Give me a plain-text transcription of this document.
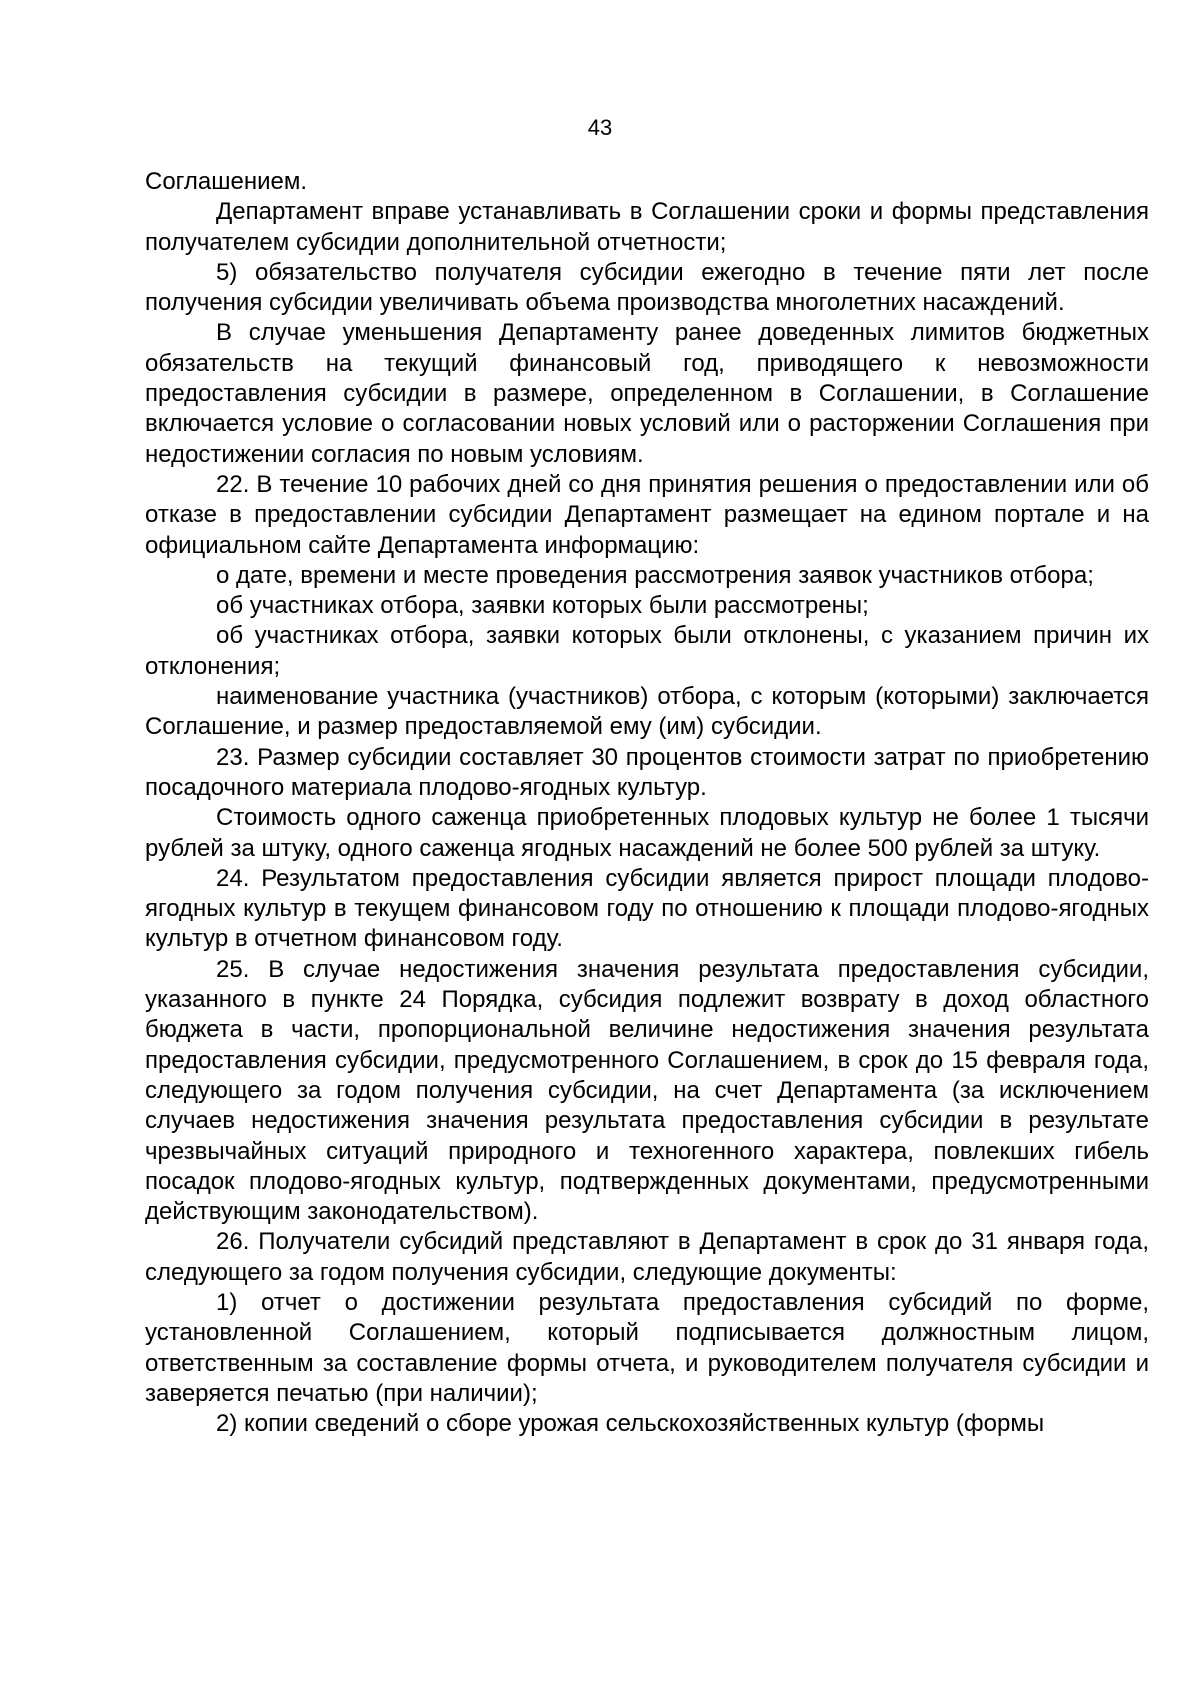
43

Соглашением.

Департамент вправе устанавливать в Соглашении сроки и формы представления получателем субсидии дополнительной отчетности;

5) обязательство получателя субсидии ежегодно в течение пяти лет после получения субсидии увеличивать объема производства многолетних насаждений.

В случае уменьшения Департаменту ранее доведенных лимитов бюджетных обязательств на текущий финансовый год, приводящего к невозможности предоставления субсидии в размере, определенном в Соглашении, в Соглашение включается условие о согласовании новых условий или о расторжении Соглашения при недостижении согласия по новым условиям.

22. В течение 10 рабочих дней со дня принятия решения о предоставлении или об отказе в предоставлении субсидии Департамент размещает на едином портале и на официальном сайте Департамента информацию:

о дате, времени и месте проведения рассмотрения заявок участников отбора;

об участниках отбора, заявки которых были рассмотрены;

об участниках отбора, заявки которых были отклонены, с указанием причин их отклонения;

наименование участника (участников) отбора, с которым (которыми) заключается Соглашение, и размер предоставляемой ему (им) субсидии.

23. Размер субсидии составляет 30 процентов стоимости затрат по приобретению посадочного материала плодово-ягодных культур.

Стоимость одного саженца приобретенных плодовых культур не более 1 тысячи рублей за штуку, одного саженца ягодных насаждений не более 500 рублей за штуку.

24. Результатом предоставления субсидии является прирост площади плодово-ягодных культур в текущем финансовом году по отношению к площади плодово-ягодных культур в отчетном финансовом году.

25. В случае недостижения значения результата предоставления субсидии, указанного в пункте 24 Порядка, субсидия подлежит возврату в доход областного бюджета в части, пропорциональной величине недостижения значения результата предоставления субсидии, предусмотренного Соглашением, в срок до 15 февраля года, следующего за годом получения субсидии, на счет Департамента (за исключением случаев недостижения значения результата предоставления субсидии в результате чрезвычайных ситуаций природного и техногенного характера, повлекших гибель посадок плодово-ягодных культур, подтвержденных документами, предусмотренными действующим законодательством).

26. Получатели субсидий представляют в Департамент в срок до 31 января года, следующего за годом получения субсидии, следующие документы:

1) отчет о достижении результата предоставления субсидий по форме, установленной Соглашением, который подписывается должностным лицом, ответственным за составление формы отчета, и руководителем получателя субсидии и заверяется печатью (при наличии);

2) копии сведений о сборе урожая сельскохозяйственных культур (формы
